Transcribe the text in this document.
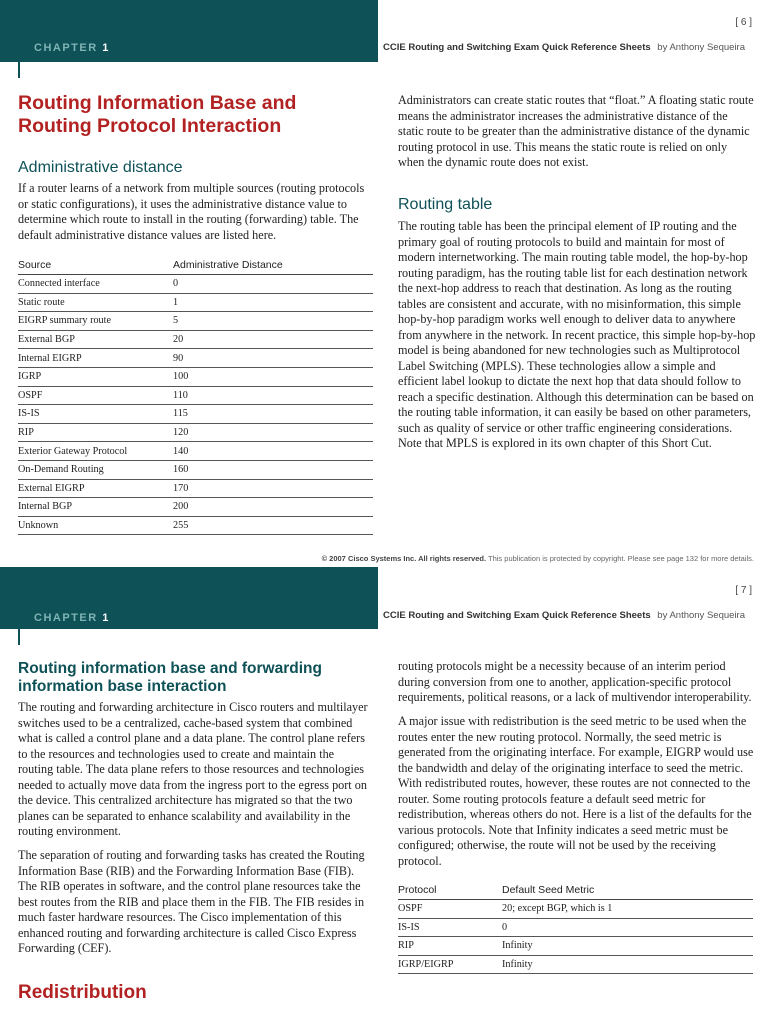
CHAPTER 1
[ 6 ]
CCIE Routing and Switching Exam Quick Reference Sheets by Anthony Sequeira
Routing Information Base and Routing Protocol Interaction
Administrative distance

If a router learns of a network from multiple sources (routing protocols or static configurations), it uses the administrative distance value to determine which route to install in the routing (forwarding) table. The default administrative distance values are listed here.

Source	Administrative Distance
Connected interface	0
Static route	1
EIGRP summary route	5
External BGP	20
Internal EIGRP	90
IGRP	100
OSPF	110
IS-IS	115
RIP	120
Exterior Gateway Protocol	140
On-Demand Routing	160
External EIGRP	170
Internal BGP	200
Unknown	255

Administrators can create static routes that “float.” A floating static route means the administrator increases the administrative distance of the static route to be greater than the administrative distance of the dynamic routing protocol in use. This means the static route is relied on only when the dynamic route does not exist.

Routing table

The routing table has been the principal element of IP routing and the primary goal of routing protocols to build and maintain for most of modern internetworking. The main routing table model, the hop-by-hop routing paradigm, has the routing table list for each destination network the next-hop address to reach that destination. As long as the routing tables are consistent and accurate, with no misinformation, this simple hop-by-hop paradigm works well enough to deliver data to anywhere from anywhere in the network. In recent practice, this simple hop-by-hop model is being abandoned for new technologies such as Multiprotocol Label Switching (MPLS). These technologies allow a simple and efficient label lookup to dictate the next hop that data should follow to reach a specific destination. Although this determination can be based on the routing table information, it can easily be based on other parameters, such as quality of service or other traffic engineering considerations. Note that MPLS is explored in its own chapter of this Short Cut.

© 2007 Cisco Systems Inc. All rights reserved. This publication is protected by copyright. Please see page 132 for more details.
CHAPTER 1
[ 7 ]
CCIE Routing and Switching Exam Quick Reference Sheets by Anthony Sequeira
Routing information base and forwarding information base interaction

The routing and forwarding architecture in Cisco routers and multilayer switches used to be a centralized, cache-based system that combined what is called a control plane and a data plane. The control plane refers to the resources and technologies used to create and maintain the routing table. The data plane refers to those resources and technologies needed to actually move data from the ingress port to the egress port on the device. This centralized architecture has migrated so that the two planes can be separated to enhance scalability and availability in the routing environment.

The separation of routing and forwarding tasks has created the Routing Information Base (RIB) and the Forwarding Information Base (FIB). The RIB operates in software, and the control plane resources take the best routes from the RIB and place them in the FIB. The FIB resides in much faster hardware resources. The Cisco implementation of this enhanced routing and forwarding architecture is called Cisco Express Forwarding (CEF).

Redistribution

routing protocols might be a necessity because of an interim period during conversion from one to another, application-specific protocol requirements, political reasons, or a lack of multivendor interoperability.

A major issue with redistribution is the seed metric to be used when the routes enter the new routing protocol. Normally, the seed metric is generated from the originating interface. For example, EIGRP would use the bandwidth and delay of the originating interface to seed the metric. With redistributed routes, however, these routes are not connected to the router. Some routing protocols feature a default seed metric for redistribution, whereas others do not. Here is a list of the defaults for the various protocols. Note that Infinity indicates a seed metric must be configured; otherwise, the route will not be used by the receiving protocol.

Protocol	Default Seed Metric
OSPF	20; except BGP, which is 1
IS-IS	0
RIP	Infinity
IGRP/EIGRP	Infinity
